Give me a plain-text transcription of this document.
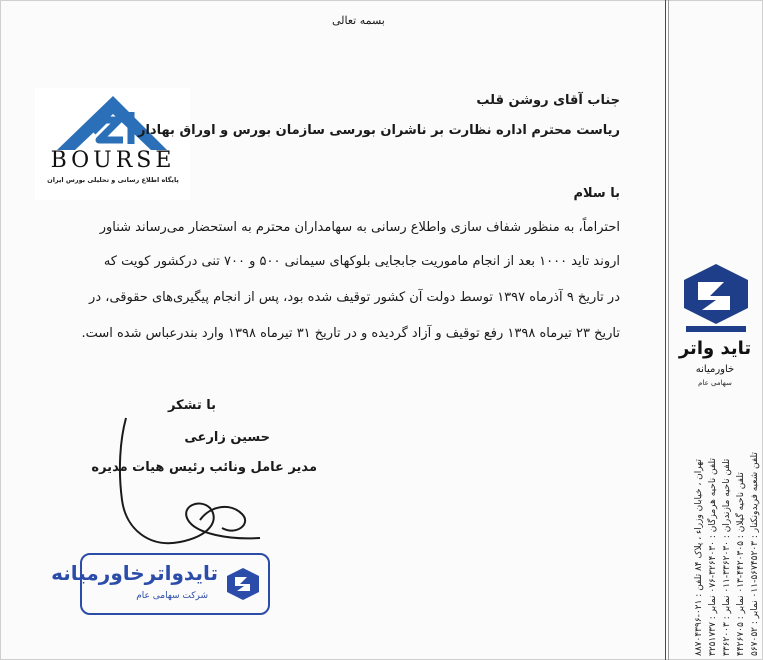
بسمه تعالی
BOURSE
پایگاه اطلاع رسانی و تحلیلی بورس ایران
جناب آقای روشن قلب
ریاست محترم اداره نظارت بر ناشران بورسی سازمان بورس و اوراق بهادار
با سلام
احتراماً، به منظور شفاف سازی واطلاع رسانی به سهامداران محترم به استحضار می‌رساند شناور
اروند تاید ۱۰۰۰ بعد از انجام ماموریت جابجایی بلوکهای سیمانی ۵۰۰ و ۷۰۰ تنی درکشور کویت که
در تاریخ ۹ آذرماه ۱۳۹۷ توسط دولت آن کشور توقیف شده بود، پس از انجام پیگیری‌های حقوقی، در
تاریخ ۲۳ تیرماه ۱۳۹۸ رفع توقیف و آزاد گردیده و در تاریخ ۳۱ تیرماه ۱۳۹۸ وارد بندرعباس شده است.
با تشکر
حسین زارعی
مدیر عامل ونائب رئیس هیات مدیره
تاید واتر
خاورمیانه
سهامی عام
تهران ، خیابان وزراء ، پلاک ۸۴ تلفن : ۰۲۱-۸۸۷۰۴۳۹۶
تلفن ناحیه هرمزگان : ۳۲۶۴۰۳۰-۰۷۶ نمابر : ۳۲۵۱۷۳۷
تلفن ناحیه مازندران : ۳۳۶۲۰۳۰-۰۱۱ نمابر : ۳۳۶۲۰۰۳
تلفن ناحیه گیلان : ۴۴۲۰۳۰۵-۰۱۳ نمابر : ۴۴۲۶۷۰۵
تلفن شعبه فریدونکنار : ۵۶۷۴۵۲۰۳-۰۱۱ نمابر : ۵۶۷۰۵۲
تایدواترخاورمیانه
شرکت سهامی عام
